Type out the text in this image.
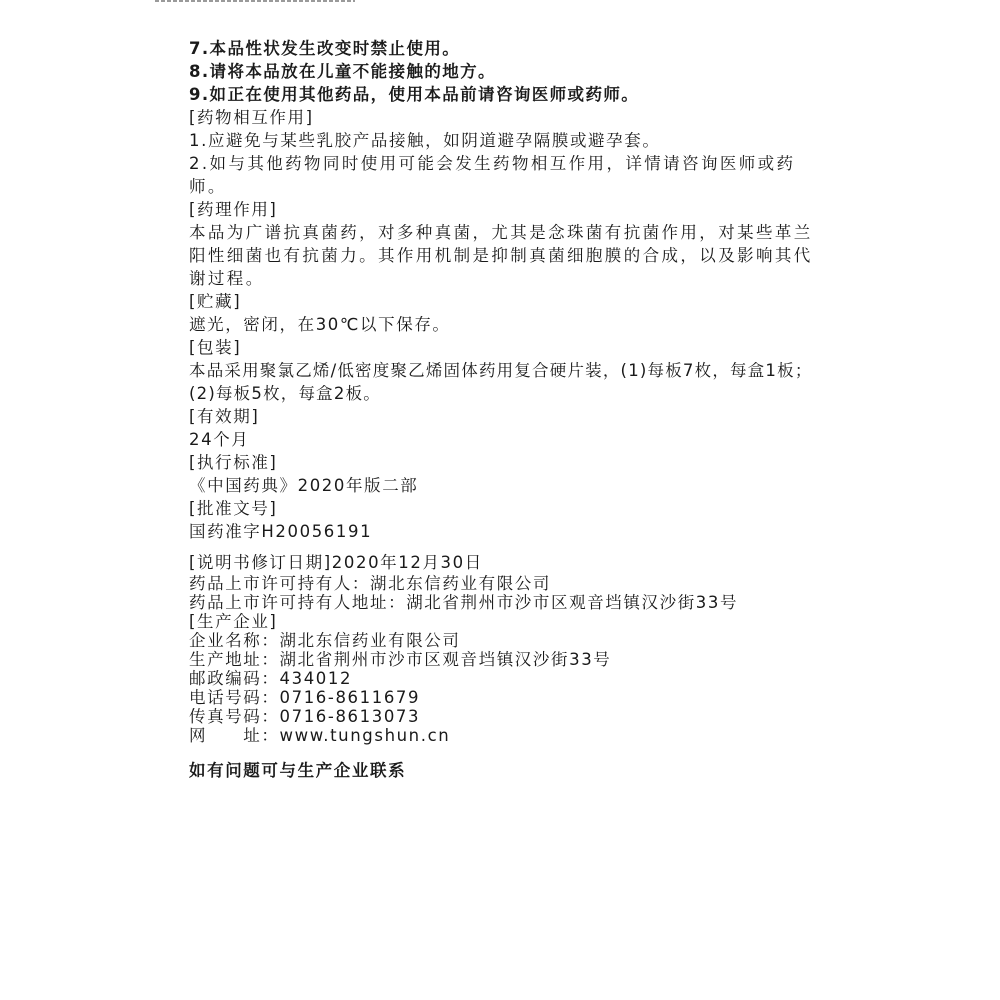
7.本品性状发生改变时禁止使用。
8.请将本品放在儿童不能接触的地方。
9.如正在使用其他药品，使用本品前请咨询医师或药师。
[药物相互作用]
1.应避免与某些乳胶产品接触，如阴道避孕隔膜或避孕套。
2.如与其他药物同时使用可能会发生药物相互作用，详情请咨询医师或药师。
[药理作用]
本品为广谱抗真菌药，对多种真菌，尤其是念珠菌有抗菌作用，对某些革兰阳性细菌也有抗菌力。其作用机制是抑制真菌细胞膜的合成，以及影响其代谢过程。
[贮藏]
遮光，密闭，在30℃以下保存。
[包装]
本品采用聚氯乙烯/低密度聚乙烯固体药用复合硬片装，(1)每板7枚，每盒1板；(2)每板5枚，每盒2板。
[有效期]
24个月
[执行标准]
《中国药典》2020年版二部
[批准文号]
国药准字H20056191
[说明书修订日期]2020年12月30日
药品上市许可持有人：湖北东信药业有限公司
药品上市许可持有人地址：湖北省荆州市沙市区观音垱镇汉沙街33号
[生产企业]
企业名称：湖北东信药业有限公司
生产地址：湖北省荆州市沙市区观音垱镇汉沙街33号
邮政编码：434012
电话号码：0716-8611679
传真号码：0716-8613073
网　　址：www.tungshun.cn
如有问题可与生产企业联系
